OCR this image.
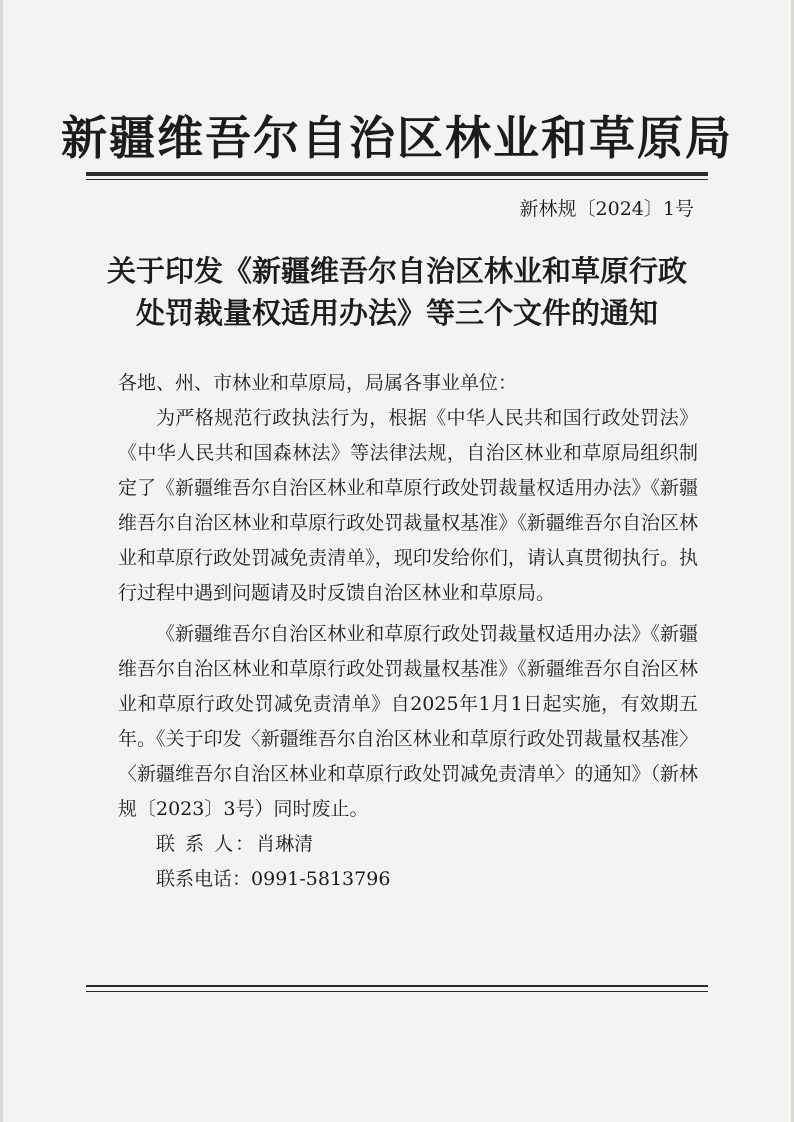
新疆维吾尔自治区林业和草原局
新林规〔2024〕1号
关于印发《新疆维吾尔自治区林业和草原行政
处罚裁量权适用办法》等三个文件的通知

各地、州、市林业和草原局，局属各事业单位：

为严格规范行政执法行为，根据《中华人民共和国行政处罚法》《中华人民共和国森林法》等法律法规，自治区林业和草原局组织制定了《新疆维吾尔自治区林业和草原行政处罚裁量权适用办法》《新疆维吾尔自治区林业和草原行政处罚裁量权基准》《新疆维吾尔自治区林业和草原行政处罚减免责清单》，现印发给你们，请认真贯彻执行。执行过程中遇到问题请及时反馈自治区林业和草原局。

《新疆维吾尔自治区林业和草原行政处罚裁量权适用办法》《新疆维吾尔自治区林业和草原行政处罚裁量权基准》《新疆维吾尔自治区林业和草原行政处罚减免责清单》自2025年1月1日起实施，有效期五年。《关于印发〈新疆维吾尔自治区林业和草原行政处罚裁量权基准〉〈新疆维吾尔自治区林业和草原行政处罚减免责清单〉的通知》（新林规〔2023〕3号）同时废止。

联 系 人：肖琳清

联系电话：0991-5813796
